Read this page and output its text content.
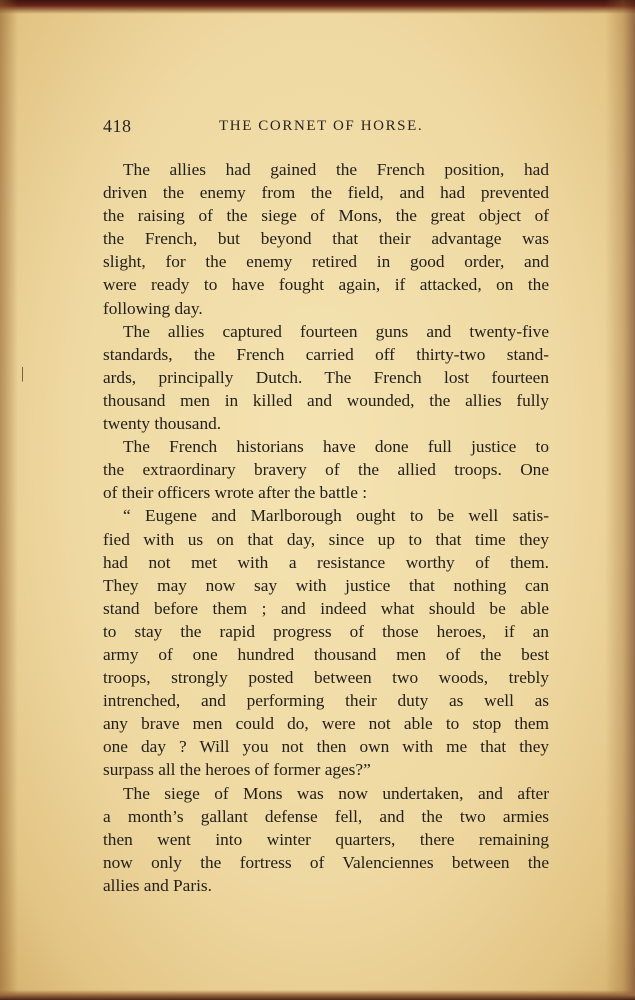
418	THE CORNET OF HORSE.
|
The allies had gained the French position, had
driven the enemy from the field, and had prevented
the raising of the siege of Mons, the great object of
the French, but beyond that their advantage was
slight, for the enemy retired in good order, and
were ready to have fought again, if attacked, on the
following day.
The allies captured fourteen guns and twenty-five
standards, the French carried off thirty-two stand-
ards, principally Dutch. The French lost fourteen
thousand men in killed and wounded, the allies fully
twenty thousand.
The French historians have done full justice to
the extraordinary bravery of the allied troops. One
of their officers wrote after the battle :
“ Eugene and Marlborough ought to be well satis-
fied with us on that day, since up to that time they
had not met with a resistance worthy of them.
They may now say with justice that nothing can
stand before them ; and indeed what should be able
to stay the rapid progress of those heroes, if an
army of one hundred thousand men of the best
troops, strongly posted between two woods, trebly
intrenched, and performing their duty as well as
any brave men could do, were not able to stop them
one day ? Will you not then own with me that they
surpass all the heroes of former ages?”
The siege of Mons was now undertaken, and after
a month’s gallant defense fell, and the two armies
then went into winter quarters, there remaining
now only the fortress of Valenciennes between the
allies and Paris.
